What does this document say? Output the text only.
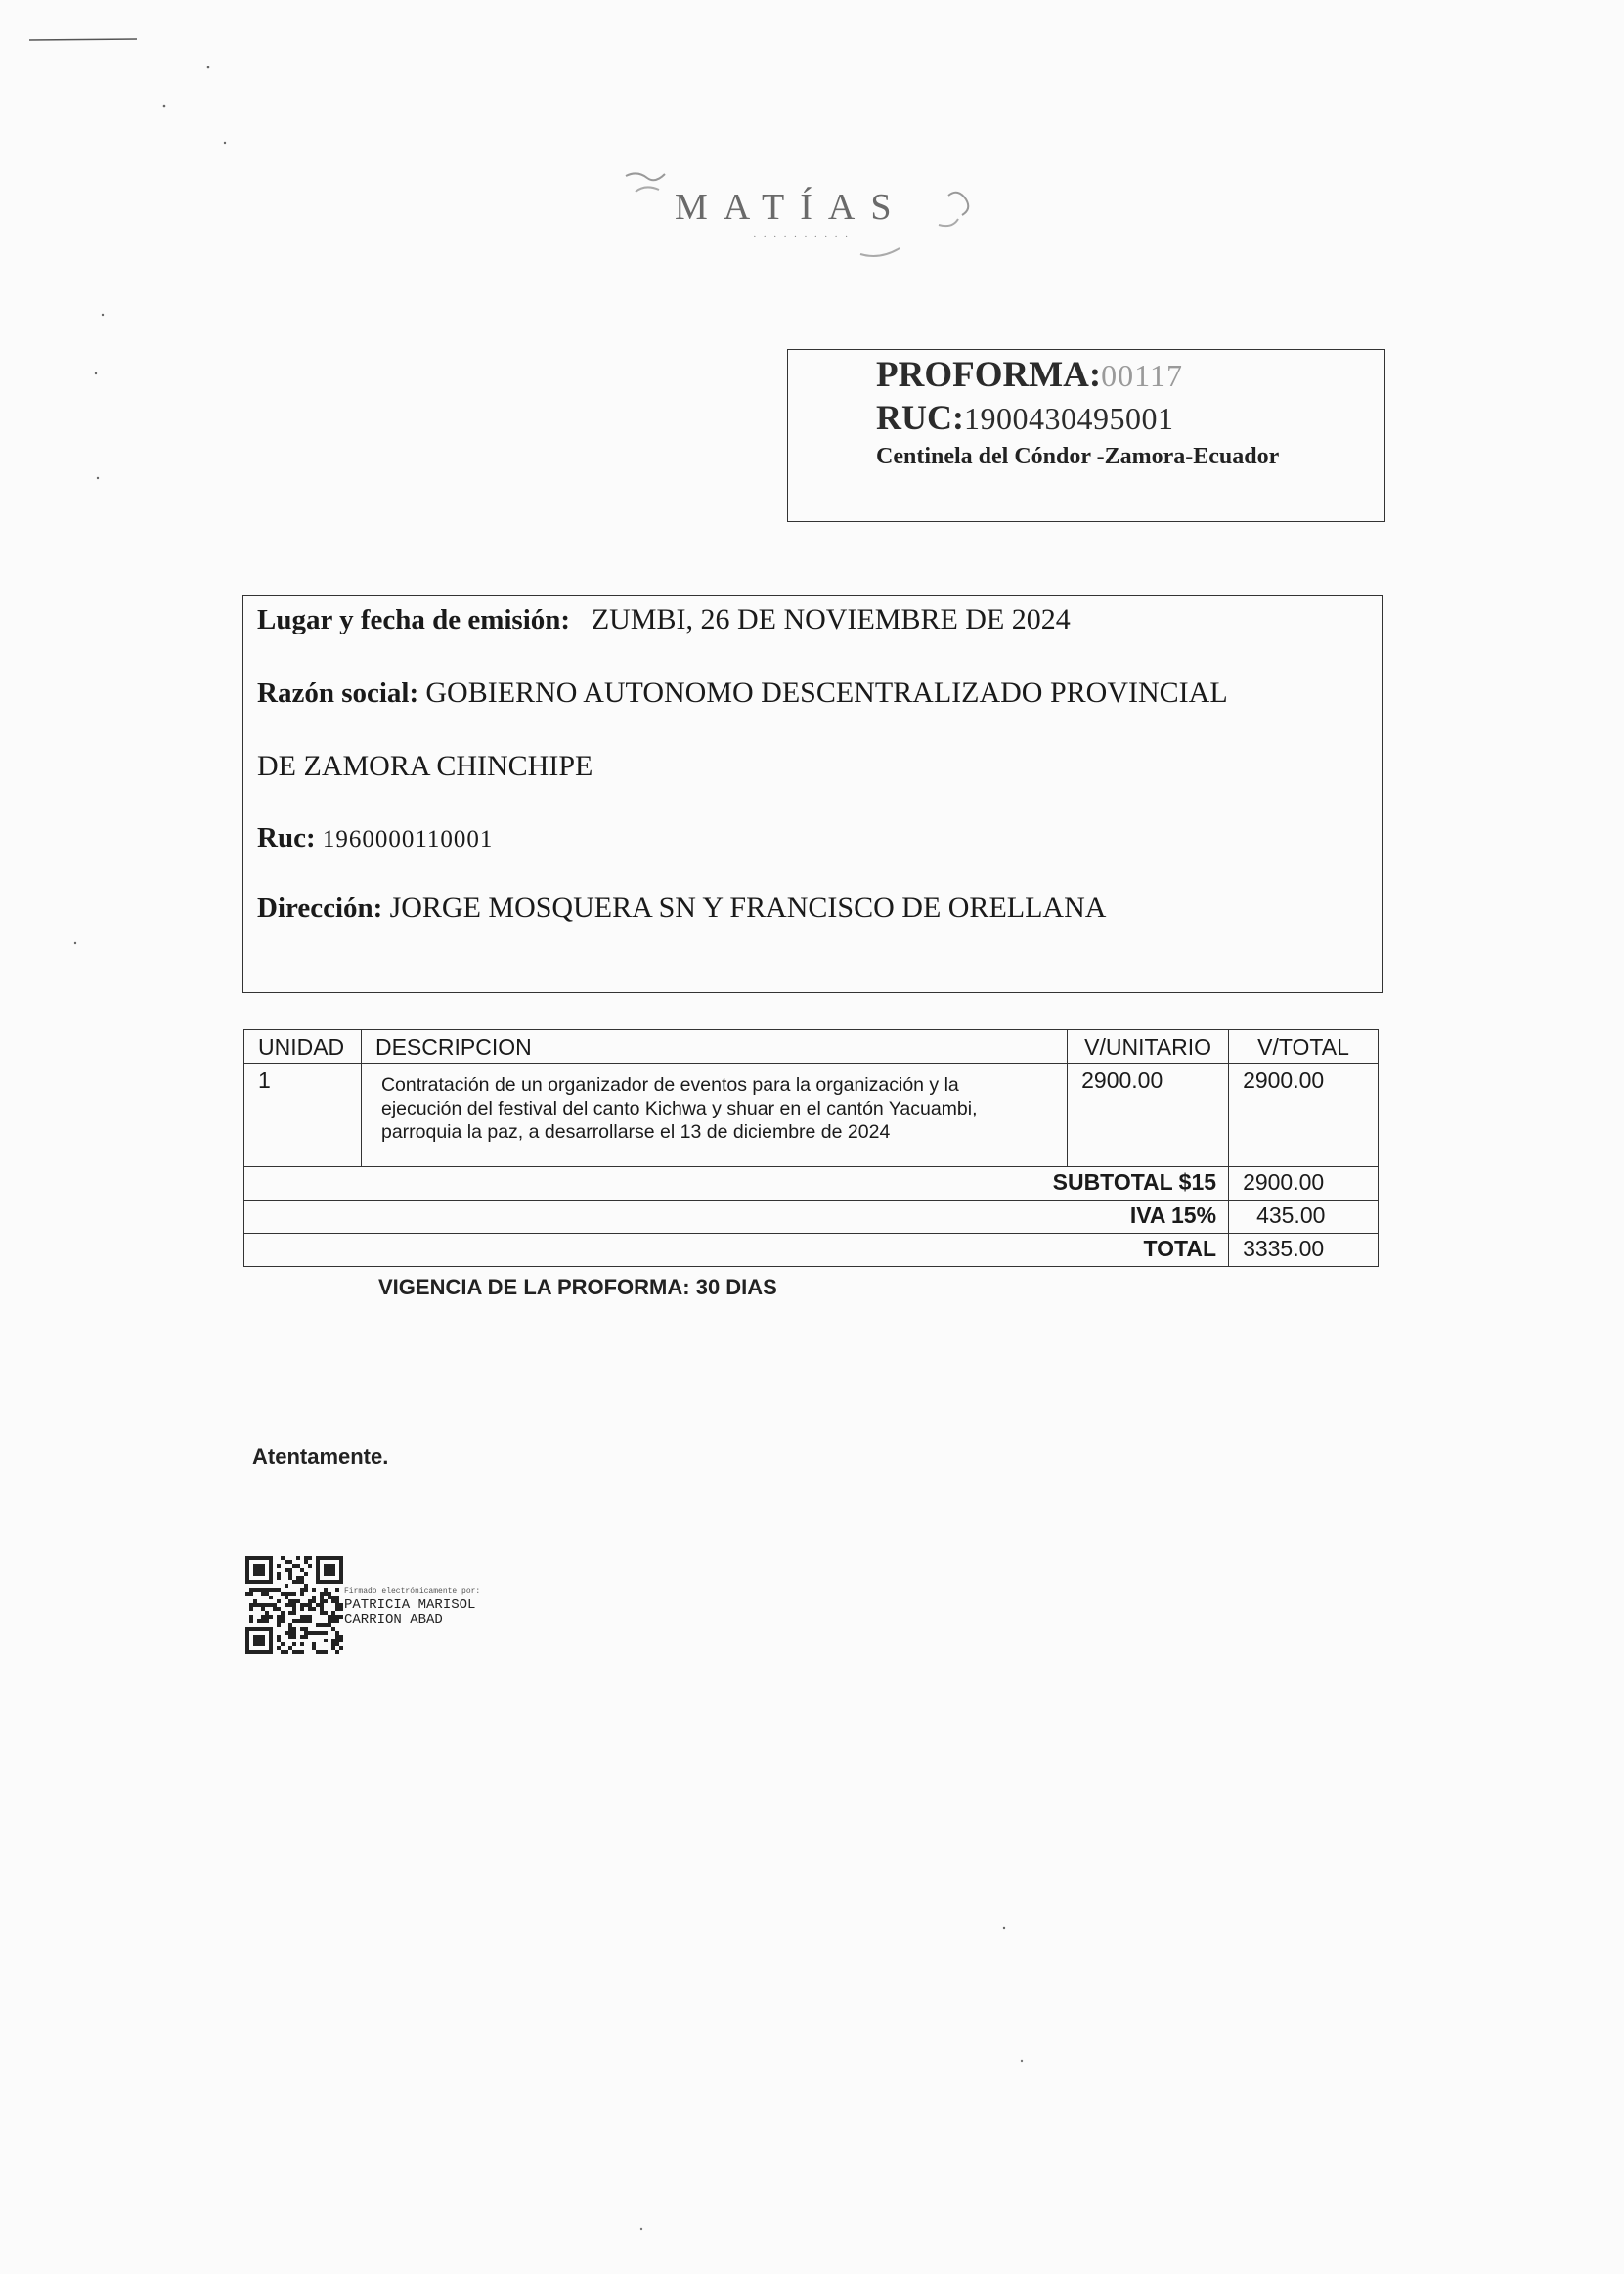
MATÍAS
· · · · · · · · · ·
PROFORMA:00117
RUC:1900430495001
Centinela del Cóndor -Zamora-Ecuador
Lugar y fecha de emisión: ZUMBI, 26 DE NOVIEMBRE DE 2024
Razón social: GOBIERNO AUTONOMO DESCENTRALIZADO PROVINCIAL
DE ZAMORA CHINCHIPE
Ruc: 1960000110001
Dirección: JORGE MOSQUERA SN Y FRANCISCO DE ORELLANA
UNIDAD	DESCRIPCION	V/UNITARIO	V/TOTAL
1	Contratación de un organizador de eventos para la organización y la
ejecución del festival del canto Kichwa y shuar en el cantón Yacuambi,
parroquia la paz, a desarrollarse el 13 de diciembre de 2024	2900.00	2900.00
SUBTOTAL $15			2900.00
IVA 15%			435.00
TOTAL			3335.00
VIGENCIA DE LA PROFORMA: 30 DIAS
Atentamente.
Firmado electrónicamente por:
PATRICIA MARISOL
CARRION ABAD
